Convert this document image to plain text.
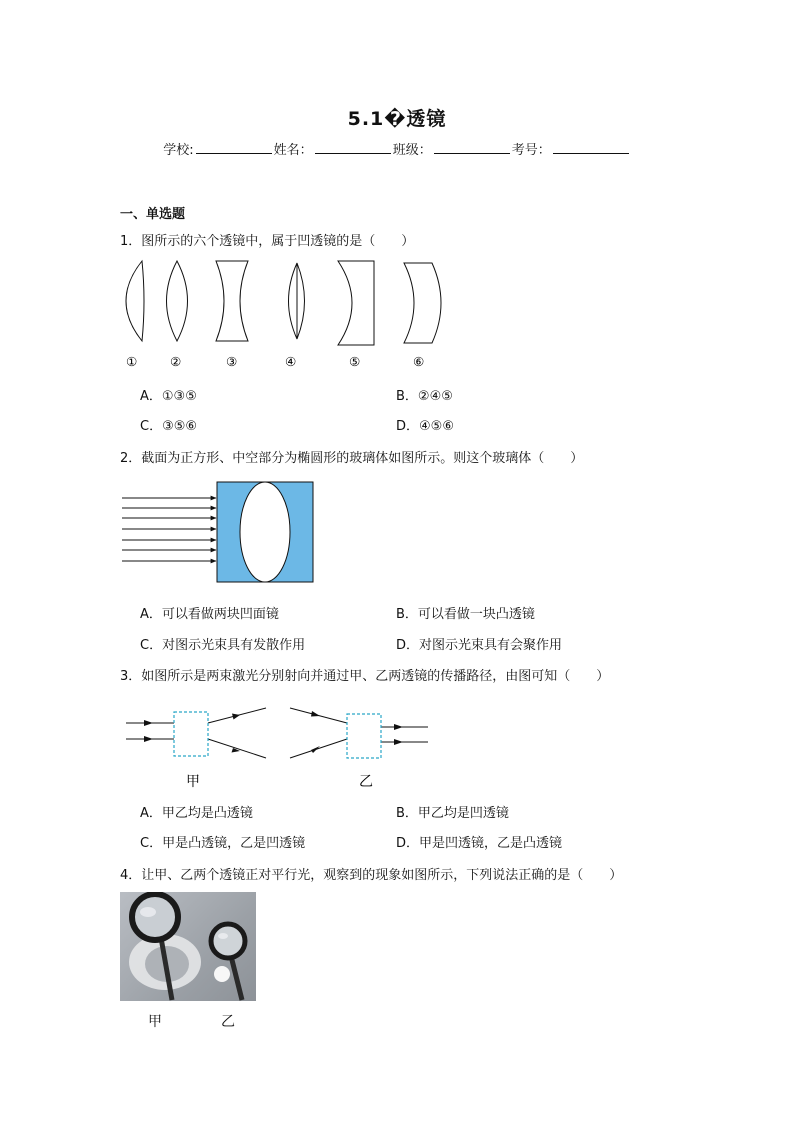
5.1�透镜
学校:	姓名：	班级：	考号：
一、单选题
1．图所示的六个透镜中，属于凹透镜的是（　　）
①	②	③	④	⑤	⑥
A．①③⑤	B．②④⑤
C．③⑤⑥	D．④⑤⑥
2．截面为正方形、中空部分为椭圆形的玻璃体如图所示。则这个玻璃体（　　）
A．可以看做两块凹面镜	B．可以看做一块凸透镜
C．对图示光束具有发散作用	D．对图示光束具有会聚作用
3．如图所示是两束激光分别射向并通过甲、乙两透镜的传播路径，由图可知（　　）
甲	乙
A．甲乙均是凸透镜	B．甲乙均是凹透镜
C．甲是凸透镜，乙是凹透镜	D．甲是凹透镜，乙是凸透镜
4．让甲、乙两个透镜正对平行光，观察到的现象如图所示，下列说法正确的是（　　）
甲	乙
